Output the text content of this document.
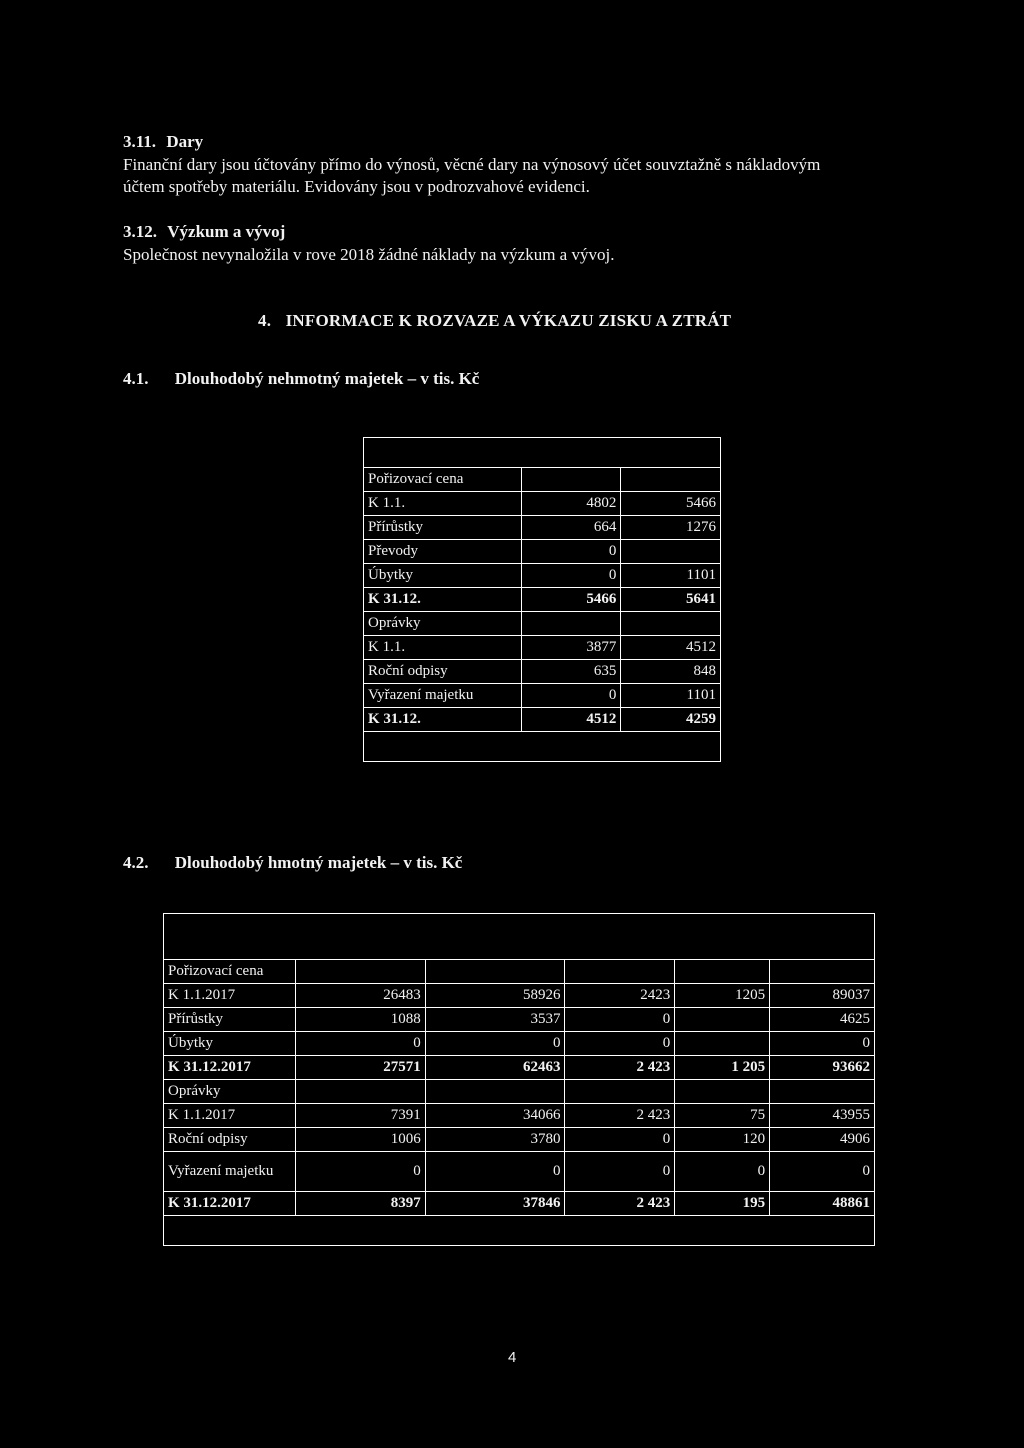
3.11. Dary
Finanční dary jsou účtovány přímo do výnosů, věcné dary na výnosový účet souvztažně s nákladovým
účtem spotřeby materiálu. Evidovány jsou v podrozvahové evidenci.
3.12. Výzkum a vývoj
Společnost nevynaložila v rove 2018 žádné náklady na výzkum a vývoj.
4. INFORMACE K ROZVAZE A VÝKAZU ZISKU A ZTRÁT
4.1. Dlouhodobý nehmotný majetek – v tis. Kč

Pořizovací cena		
K 1.1.	4802	5466
Přírůstky	664	1276
Převody	0	
Úbytky	0	1101
K 31.12.	5466	5641
Oprávky		
K 1.1.	3877	4512
Roční odpisy	635	848
Vyřazení majetku	0	1101
K 31.12.	4512	4259

4.2. Dlouhodobý hmotný majetek – v tis. Kč

Pořizovací cena					
K 1.1.2017	26483	58926	2423	1205	89037
Přírůstky	1088	3537	0		4625
Úbytky	0	0	0		0
K 31.12.2017	27571	62463	2 423	1 205	93662
Oprávky					
K 1.1.2017	7391	34066	2 423	75	43955
Roční odpisy	1006	3780	0	120	4906
Vyřazení majetku	0	0	0	0	0
K 31.12.2017	8397	37846	2 423	195	48861

4
